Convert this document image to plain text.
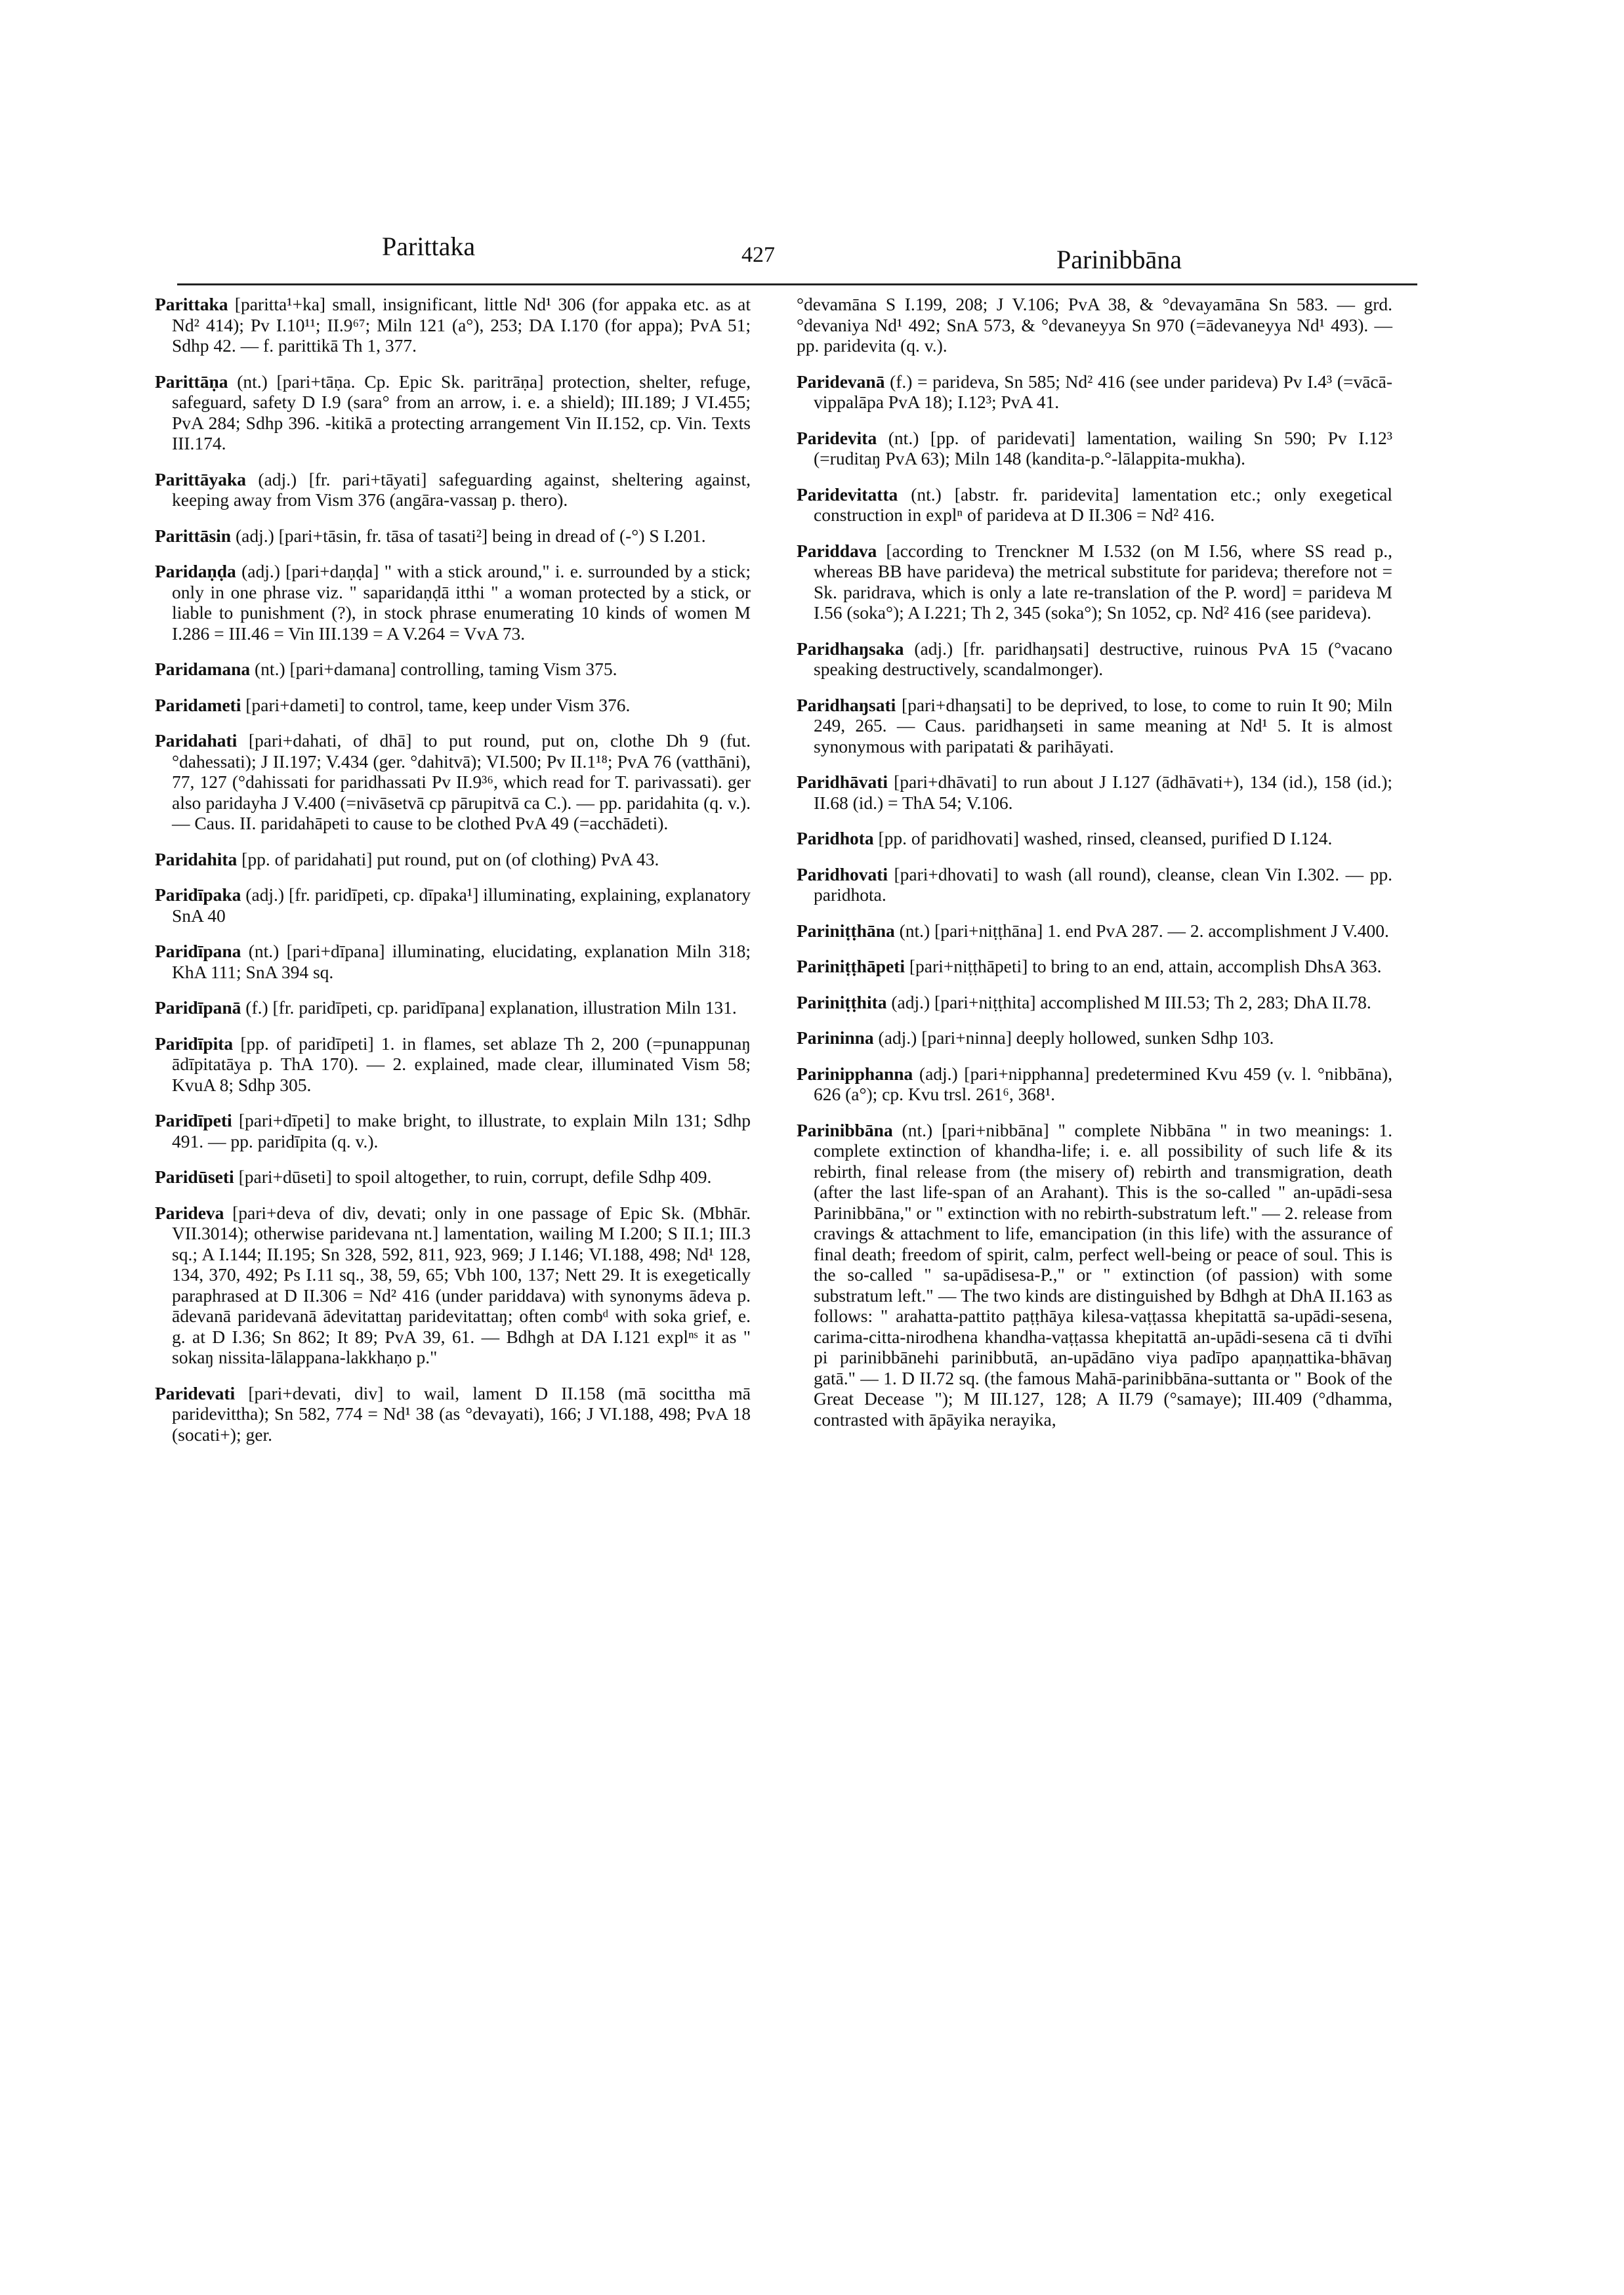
Parittaka	427	Parinibbāna

Parittaka [paritta¹+ka] small, insignificant, little Nd¹ 306 (for appaka etc. as at Nd² 414); Pv I.10¹¹; II.9⁶⁷; Miln 121 (a°), 253; DA I.170 (for appa); PvA 51; Sdhp 42. — f. parittikā Th 1, 377.

Parittāṇa (nt.) [pari+tāṇa. Cp. Epic Sk. paritrāṇa] protection, shelter, refuge, safeguard, safety D I.9 (sara° from an arrow, i. e. a shield); III.189; J VI.455; PvA 284; Sdhp 396. -kitikā a protecting arrangement Vin II.152, cp. Vin. Texts III.174.

Parittāyaka (adj.) [fr. pari+tāyati] safeguarding against, sheltering against, keeping away from Vism 376 (angāra-vassaŋ p. thero).

Parittāsin (adj.) [pari+tāsin, fr. tāsa of tasati²] being in dread of (-°) S I.201.

Paridaṇḍa (adj.) [pari+daṇḍa] " with a stick around," i. e. surrounded by a stick; only in one phrase viz. " saparidaṇḍā itthi " a woman protected by a stick, or liable to punishment (?), in stock phrase enumerating 10 kinds of women M I.286 = III.46 = Vin III.139 = A V.264 = VvA 73.

Paridamana (nt.) [pari+damana] controlling, taming Vism 375.

Paridameti [pari+dameti] to control, tame, keep under Vism 376.

Paridahati [pari+dahati, of dhā] to put round, put on, clothe Dh 9 (fut. °dahessati); J II.197; V.434 (ger. °dahitvā); VI.500; Pv II.1¹⁸; PvA 76 (vatthāni), 77, 127 (°dahissati for paridhassati Pv II.9³⁶, which read for T. parivassati). ger also paridayha J V.400 (=nivāsetvā cp pārupitvā ca C.). — pp. paridahita (q. v.). — Caus. II. paridahāpeti to cause to be clothed PvA 49 (=acchādeti).

Paridahita [pp. of paridahati] put round, put on (of clothing) PvA 43.

Paridīpaka (adj.) [fr. paridīpeti, cp. dīpaka¹] illuminating, explaining, explanatory SnA 40

Paridīpana (nt.) [pari+dīpana] illuminating, elucidating, explanation Miln 318; KhA 111; SnA 394 sq.

Paridīpanā (f.) [fr. paridīpeti, cp. paridīpana] explanation, illustration Miln 131.

Paridīpita [pp. of paridīpeti] 1. in flames, set ablaze Th 2, 200 (=punappunaŋ ādīpitatāya p. ThA 170). — 2. explained, made clear, illuminated Vism 58; KvuA 8; Sdhp 305.

Paridīpeti [pari+dīpeti] to make bright, to illustrate, to explain Miln 131; Sdhp 491. — pp. paridīpita (q. v.).

Paridūseti [pari+dūseti] to spoil altogether, to ruin, corrupt, defile Sdhp 409.

Parideva [pari+deva of div, devati; only in one passage of Epic Sk. (Mbhār. VII.3014); otherwise paridevana nt.] lamentation, wailing M I.200; S II.1; III.3 sq.; A I.144; II.195; Sn 328, 592, 811, 923, 969; J I.146; VI.188, 498; Nd¹ 128, 134, 370, 492; Ps I.11 sq., 38, 59, 65; Vbh 100, 137; Nett 29. It is exegetically paraphrased at D II.306 = Nd² 416 (under pariddava) with synonyms ādeva p. ādevanā paridevanā ādevitattaŋ paridevitattaŋ; often combᵈ with soka grief, e. g. at D I.36; Sn 862; It 89; PvA 39, 61. — Bdhgh at DA I.121 explⁿˢ it as " sokaŋ nissita-lālappana-lakkhaṇo p."

Paridevati [pari+devati, div] to wail, lament D II.158 (mā socittha mā paridevittha); Sn 582, 774 = Nd¹ 38 (as °devayati), 166; J VI.188, 498; PvA 18 (socati+); ger.

°devamāna S I.199, 208; J V.106; PvA 38, & °devayamāna Sn 583. — grd. °devaniya Nd¹ 492; SnA 573, & °devaneyya Sn 970 (=ādevaneyya Nd¹ 493). — pp. paridevita (q. v.).

Paridevanā (f.) = parideva, Sn 585; Nd² 416 (see under parideva) Pv I.4³ (=vācā-vippalāpa PvA 18); I.12³; PvA 41.

Paridevita (nt.) [pp. of paridevati] lamentation, wailing Sn 590; Pv I.12³ (=ruditaŋ PvA 63); Miln 148 (kandita-p.°-lālappita-mukha).

Paridevitatta (nt.) [abstr. fr. paridevita] lamentation etc.; only exegetical construction in explⁿ of parideva at D II.306 = Nd² 416.

Pariddava [according to Trenckner M I.532 (on M I.56, where SS read p., whereas BB have parideva) the metrical substitute for parideva; therefore not = Sk. paridrava, which is only a late re-translation of the P. word] = parideva M I.56 (soka°); A I.221; Th 2, 345 (soka°); Sn 1052, cp. Nd² 416 (see parideva).

Paridhaŋsaka (adj.) [fr. paridhaŋsati] destructive, ruinous PvA 15 (°vacano speaking destructively, scandalmonger).

Paridhaŋsati [pari+dhaŋsati] to be deprived, to lose, to come to ruin It 90; Miln 249, 265. — Caus. paridhaŋseti in same meaning at Nd¹ 5. It is almost synonymous with paripatati & parihāyati.

Paridhāvati [pari+dhāvati] to run about J I.127 (ādhāvati+), 134 (id.), 158 (id.); II.68 (id.) = ThA 54; V.106.

Paridhota [pp. of paridhovati] washed, rinsed, cleansed, purified D I.124.

Paridhovati [pari+dhovati] to wash (all round), cleanse, clean Vin I.302. — pp. paridhota.

Pariniṭṭhāna (nt.) [pari+niṭṭhāna] 1. end PvA 287. — 2. accomplishment J V.400.

Pariniṭṭhāpeti [pari+niṭṭhāpeti] to bring to an end, attain, accomplish DhsA 363.

Pariniṭṭhita (adj.) [pari+niṭṭhita] accomplished M III.53; Th 2, 283; DhA II.78.

Parininna (adj.) [pari+ninna] deeply hollowed, sunken Sdhp 103.

Parinipphanna (adj.) [pari+nipphanna] predetermined Kvu 459 (v. l. °nibbāna), 626 (a°); cp. Kvu trsl. 261⁶, 368¹.

Parinibbāna (nt.) [pari+nibbāna] " complete Nibbāna " in two meanings: 1. complete extinction of khandha-life; i. e. all possibility of such life & its rebirth, final release from (the misery of) rebirth and transmigration, death (after the last life-span of an Arahant). This is the so-called " an-upādi-sesa Parinibbāna," or " extinction with no rebirth-substratum left." — 2. release from cravings & attachment to life, emancipation (in this life) with the assurance of final death; freedom of spirit, calm, perfect well-being or peace of soul. This is the so-called " sa-upādisesa-P.," or " extinction (of passion) with some substratum left." — The two kinds are distinguished by Bdhgh at DhA II.163 as follows: " arahatta-pattito paṭṭhāya kilesa-vaṭṭassa khepitattā sa-upādi-sesena, carima-citta-nirodhena khandha-vaṭṭassa khepitattā an-upādi-sesena cā ti dvīhi pi parinibbānehi parinibbutā, an-upādāno viya padīpo apaṇṇattika-bhāvaŋ gatā." — 1. D II.72 sq. (the famous Mahā-parinibbāna-suttanta or " Book of the Great Decease "); M III.127, 128; A II.79 (°samaye); III.409 (°dhamma, contrasted with āpāyika nerayika,
